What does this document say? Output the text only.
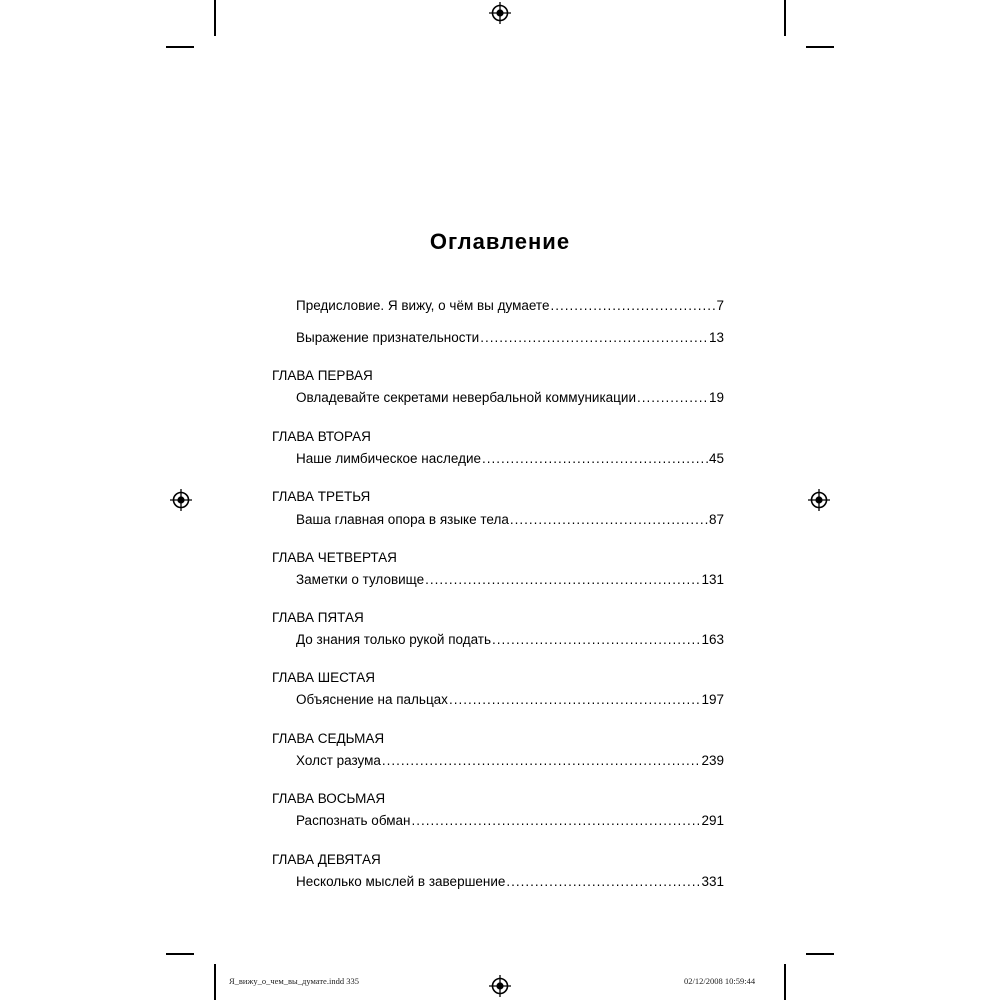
Оглавление
Предисловие. Я вижу, о чём вы думаете .....	7
Выражение признательности .....	13
ГЛАВА ПЕРВАЯ
Овладевайте секретами невербальной коммуникации .....	19
ГЛАВА ВТОРАЯ
Наше лимбическое наследие .....	45
ГЛАВА ТРЕТЬЯ
Ваша главная опора в языке тела .....	87
ГЛАВА ЧЕТВЕРТАЯ
Заметки о туловище .....	131
ГЛАВА ПЯТАЯ
До знания только рукой подать .....	163
ГЛАВА ШЕСТАЯ
Объяснение на пальцах .....	197
ГЛАВА СЕДЬМАЯ
Холст разума .....	239
ГЛАВА ВОСЬМАЯ
Распознать обман .....	291
ГЛАВА ДЕВЯТАЯ
Несколько мыслей в завершение .....	331
Я_вижу_о_чем_вы_думате.indd 335	02/12/2008 10:59:44
